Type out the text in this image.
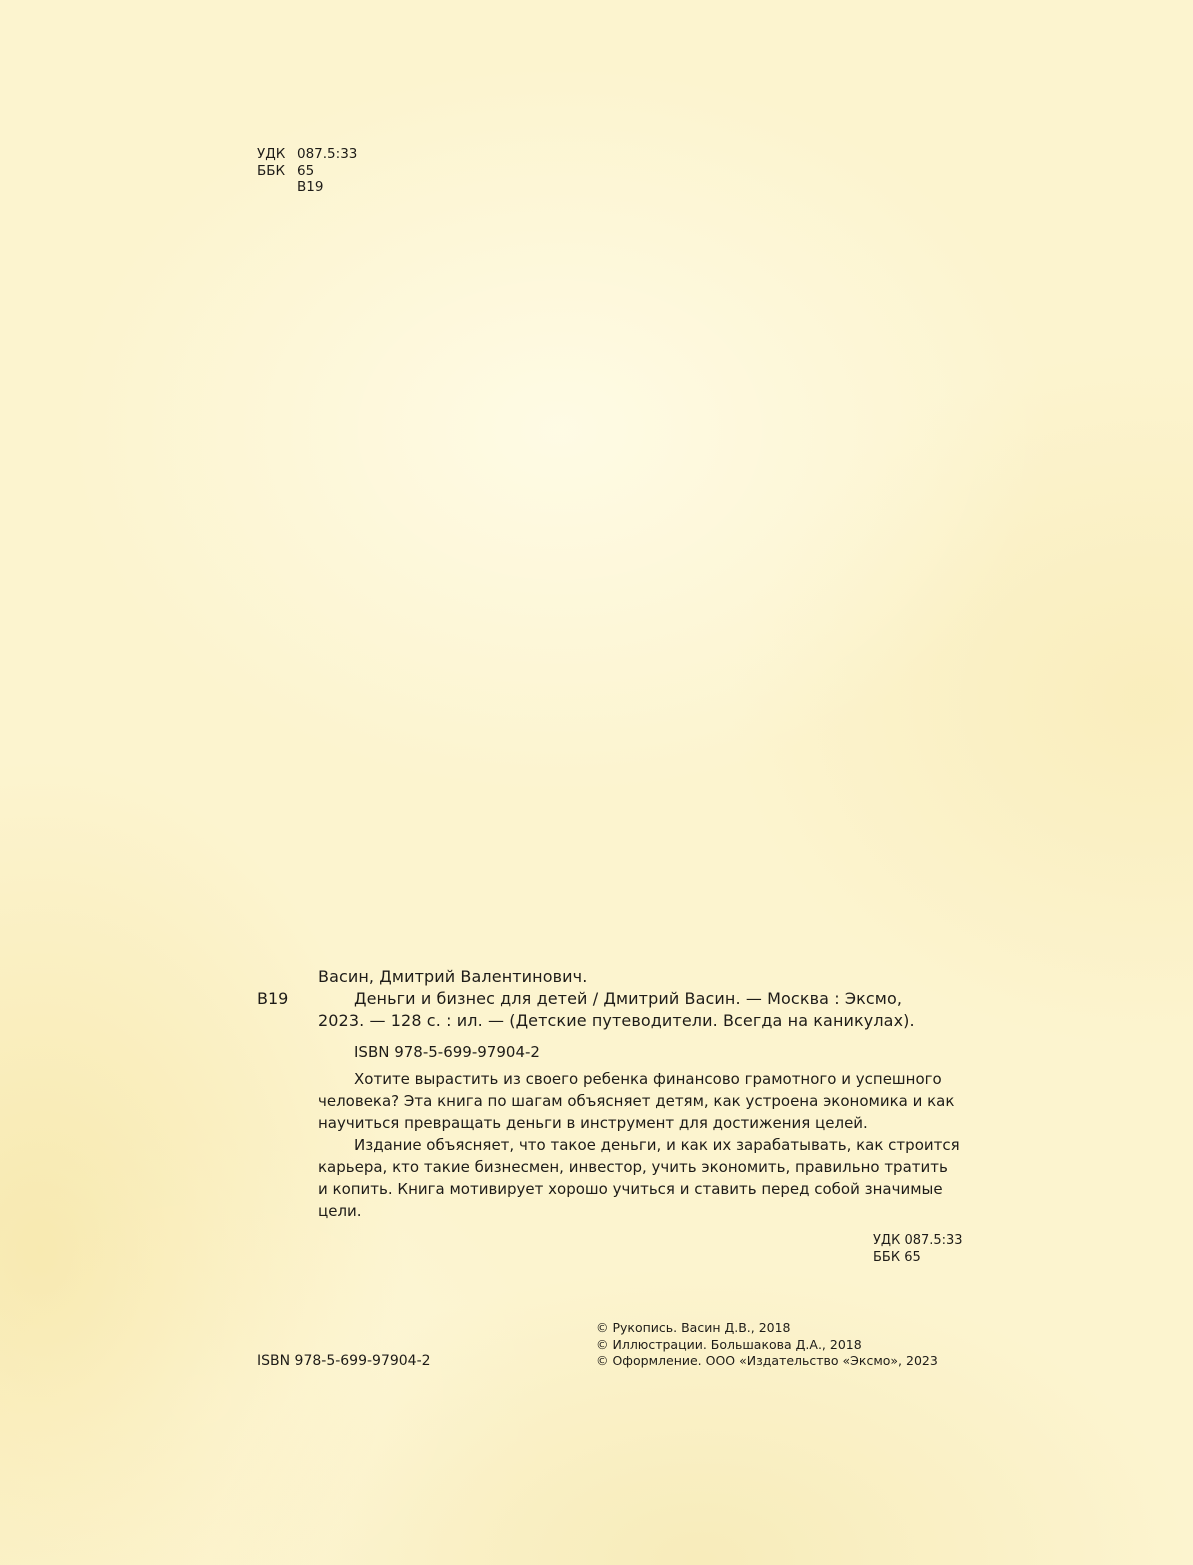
УДК 087.5:33
ББК 65
В19
В19
Васин, Дмитрий Валентинович.
Деньги и бизнес для детей / Дмитрий Васин. — Москва : Эксмо,
2023. — 128 с. : ил. — (Детские путеводители. Всегда на каникулах).
ISBN 978-5-699-97904-2
Хотите вырастить из своего ребенка финансово грамотного и успешного
человека? Эта книга по шагам объясняет детям, как устроена экономика и как
научиться превращать деньги в инструмент для достижения целей.
Издание объясняет, что такое деньги, и как их зарабатывать, как строится
карьера, кто такие бизнесмен, инвестор, учить экономить, правильно тратить
и копить. Книга мотивирует хорошо учиться и ставить перед собой значимые
цели.
УДК 087.5:33
ББК 65
© Рукопись. Васин Д.В., 2018
© Иллюстрации. Большакова Д.А., 2018
© Оформление. ООО «Издательство «Эксмо», 2023
ISBN 978-5-699-97904-2
